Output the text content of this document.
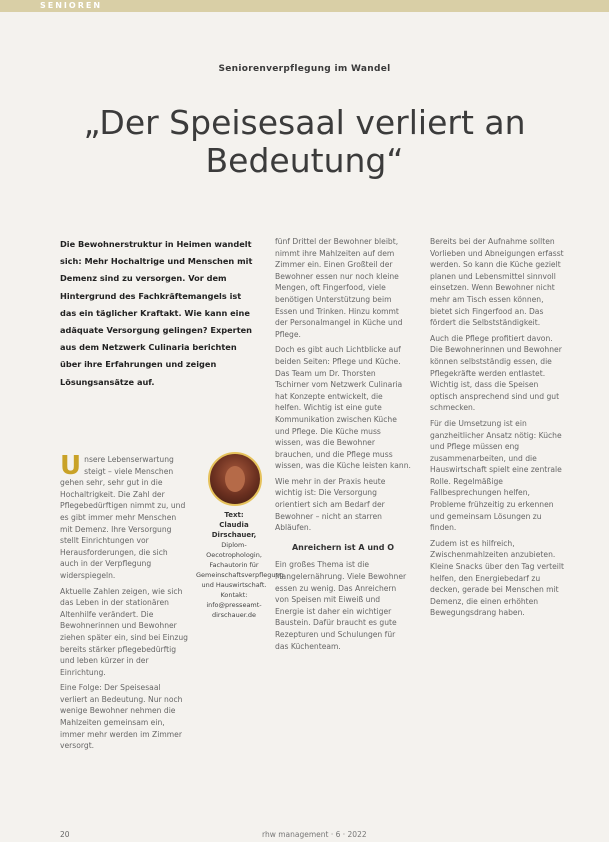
SENIOREN
Seniorenverpflegung im Wandel
„Der Speisesaal verliert an Bedeutung“

Die Bewohnerstruktur in Heimen wandelt sich: Mehr Hochaltrige und Menschen mit Demenz sind zu versorgen. Vor dem Hintergrund des Fachkräftemangels ist das ein täglicher Kraftakt. Wie kann eine adäquate Versorgung gelingen? Experten aus dem Netzwerk Culinaria berichten über ihre Erfahrungen und zeigen Lösungsansätze auf.

U nsere Lebenserwartung steigt – viele Menschen gehen sehr, sehr gut in die Hochaltrigkeit. Die Zahl der Pflegebedürftigen nimmt zu, und es gibt immer mehr Menschen mit Demenz. Ihre Versorgung stellt Einrichtungen vor Herausforderungen, die sich auch in der Verpflegung widerspiegeln.

Aktuelle Zahlen zeigen, wie sich das Leben in der stationären Altenhilfe verändert. Die Bewohnerinnen und Bewohner ziehen später ein, sind bei Einzug bereits stärker pflegebedürftig und leben kürzer in der Einrichtung.

Eine Folge: Der Speisesaal verliert an Bedeutung. Nur noch wenige Bewohner nehmen die Mahlzeiten gemeinsam ein, immer mehr werden im Zimmer versorgt.

Text:
Claudia Dirschauer,
Diplom-Oecotrophologin, Fachautorin für Gemeinschaftsverpflegung und Hauswirtschaft. Kontakt: info@presseamt-dirschauer.de

fünf Drittel der Bewohner bleibt, nimmt ihre Mahlzeiten auf dem Zimmer ein. Einen Großteil der Bewohner essen nur noch kleine Mengen, oft Fingerfood, viele benötigen Unterstützung beim Essen und Trinken. Hinzu kommt der Personalmangel in Küche und Pflege.

Doch es gibt auch Lichtblicke auf beiden Seiten: Pflege und Küche. Das Team um Dr. Thorsten Tschirner vom Netzwerk Culinaria hat Konzepte entwickelt, die helfen. Wichtig ist eine gute Kommunikation zwischen Küche und Pflege. Die Küche muss wissen, was die Bewohner brauchen, und die Pflege muss wissen, was die Küche leisten kann.

Wie mehr in der Praxis heute wichtig ist: Die Versorgung orientiert sich am Bedarf der Bewohner – nicht an starren Abläufen.

Anreichern ist A und O

Ein großes Thema ist die Mangelernährung. Viele Bewohner essen zu wenig. Das Anreichern von Speisen mit Eiweiß und Energie ist daher ein wichtiger Baustein. Dafür braucht es gute Rezepturen und Schulungen für das Küchenteam.

Bereits bei der Aufnahme sollten Vorlieben und Abneigungen erfasst werden. So kann die Küche gezielt planen und Lebensmittel sinnvoll einsetzen. Wenn Bewohner nicht mehr am Tisch essen können, bietet sich Fingerfood an. Das fördert die Selbstständigkeit.

Auch die Pflege profitiert davon. Die Bewohnerinnen und Bewohner können selbstständig essen, die Pflegekräfte werden entlastet. Wichtig ist, dass die Speisen optisch ansprechend sind und gut schmecken.

Für die Umsetzung ist ein ganzheitlicher Ansatz nötig: Küche und Pflege müssen eng zusammenarbeiten, und die Hauswirtschaft spielt eine zentrale Rolle. Regelmäßige Fallbesprechungen helfen, Probleme frühzeitig zu erkennen und gemeinsam Lösungen zu finden.

Zudem ist es hilfreich, Zwischenmahlzeiten anzubieten. Kleine Snacks über den Tag verteilt helfen, den Energiebedarf zu decken, gerade bei Menschen mit Demenz, die einen erhöhten Bewegungsdrang haben.

20	rhw management · 6 · 2022
